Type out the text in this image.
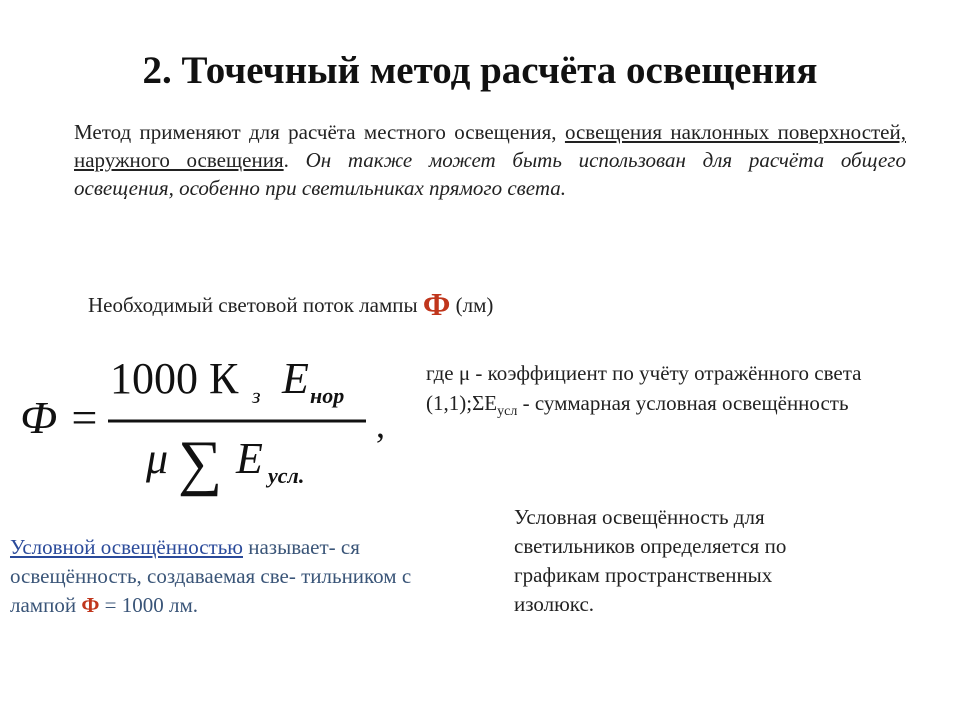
2. Точечный метод расчёта освещения
Метод применяют для расчёта местного освещения, освещения наклонных поверхностей, наружного освещения. Он также может быть использован для расчёта общего освещения, особенно при светильниках прямого света.
Необходимый световой поток лампы Ф (лм)
Ф =
1000 К з Е нор
μ ∑ Е усл.
,
где μ - коэффициент по учёту отражённого света $(1,1);\Sigma Е_{усл}$ - суммарная условная освещённость
Условной освещённостью называет- ся освещённость, создаваемая све- тильником с лампой Ф = 1000 лм.
Условная освещённость для светильников определяется по графикам пространственных изолюкс.
